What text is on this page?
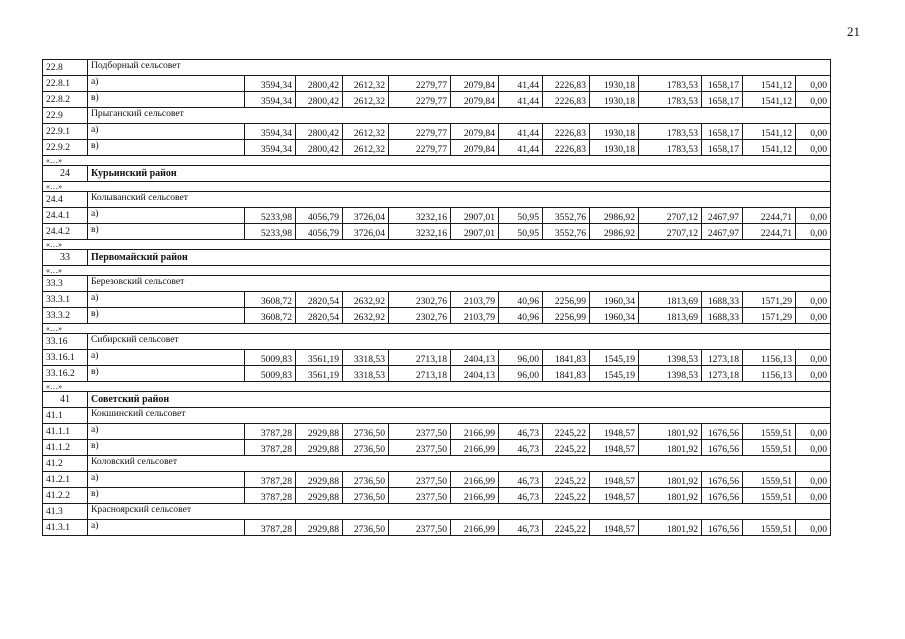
21
22.8	Подборный сельсовет												
22.8.1	а)	3594,34	2800,42	2612,32	2279,77	2079,84	41,44	2226,83	1930,18	1783,53	1658,17	1541,12	0,00
22.8.2	в)	3594,34	2800,42	2612,32	2279,77	2079,84	41,44	2226,83	1930,18	1783,53	1658,17	1541,12	0,00
22.9	Прыганский сельсовет												
22.9.1	а)	3594,34	2800,42	2612,32	2279,77	2079,84	41,44	2226,83	1930,18	1783,53	1658,17	1541,12	0,00
22.9.2	в)	3594,34	2800,42	2612,32	2279,77	2079,84	41,44	2226,83	1930,18	1783,53	1658,17	1541,12	0,00
«…»													
24	Курьинский район												
«…»													
24.4	Колыванский сельсовет												
24.4.1	а)	5233,98	4056,79	3726,04	3232,16	2907,01	50,95	3552,76	2986,92	2707,12	2467,97	2244,71	0,00
24.4.2	в)	5233,98	4056,79	3726,04	3232,16	2907,01	50,95	3552,76	2986,92	2707,12	2467,97	2244,71	0,00
«…»													
33	Первомайский район												
«…»													
33.3	Березовский сельсовет												
33.3.1	а)	3608,72	2820,54	2632,92	2302,76	2103,79	40,96	2256,99	1960,34	1813,69	1688,33	1571,29	0,00
33.3.2	в)	3608,72	2820,54	2632,92	2302,76	2103,79	40,96	2256,99	1960,34	1813,69	1688,33	1571,29	0,00
«…»													
33.16	Сибирский сельсовет												
33.16.1	а)	5009,83	3561,19	3318,53	2713,18	2404,13	96,00	1841,83	1545,19	1398,53	1273,18	1156,13	0,00
33.16.2	в)	5009,83	3561,19	3318,53	2713,18	2404,13	96,00	1841,83	1545,19	1398,53	1273,18	1156,13	0,00
«…»													
41	Советский район												
41.1	Кокшинский сельсовет												
41.1.1	а)	3787,28	2929,88	2736,50	2377,50	2166,99	46,73	2245,22	1948,57	1801,92	1676,56	1559,51	0,00
41.1.2	в)	3787,28	2929,88	2736,50	2377,50	2166,99	46,73	2245,22	1948,57	1801,92	1676,56	1559,51	0,00
41.2	Коловский сельсовет												
41.2.1	а)	3787,28	2929,88	2736,50	2377,50	2166,99	46,73	2245,22	1948,57	1801,92	1676,56	1559,51	0,00
41.2.2	в)	3787,28	2929,88	2736,50	2377,50	2166,99	46,73	2245,22	1948,57	1801,92	1676,56	1559,51	0,00
41.3	Красноярский сельсовет												
41.3.1	а)	3787,28	2929,88	2736,50	2377,50	2166,99	46,73	2245,22	1948,57	1801,92	1676,56	1559,51	0,00
